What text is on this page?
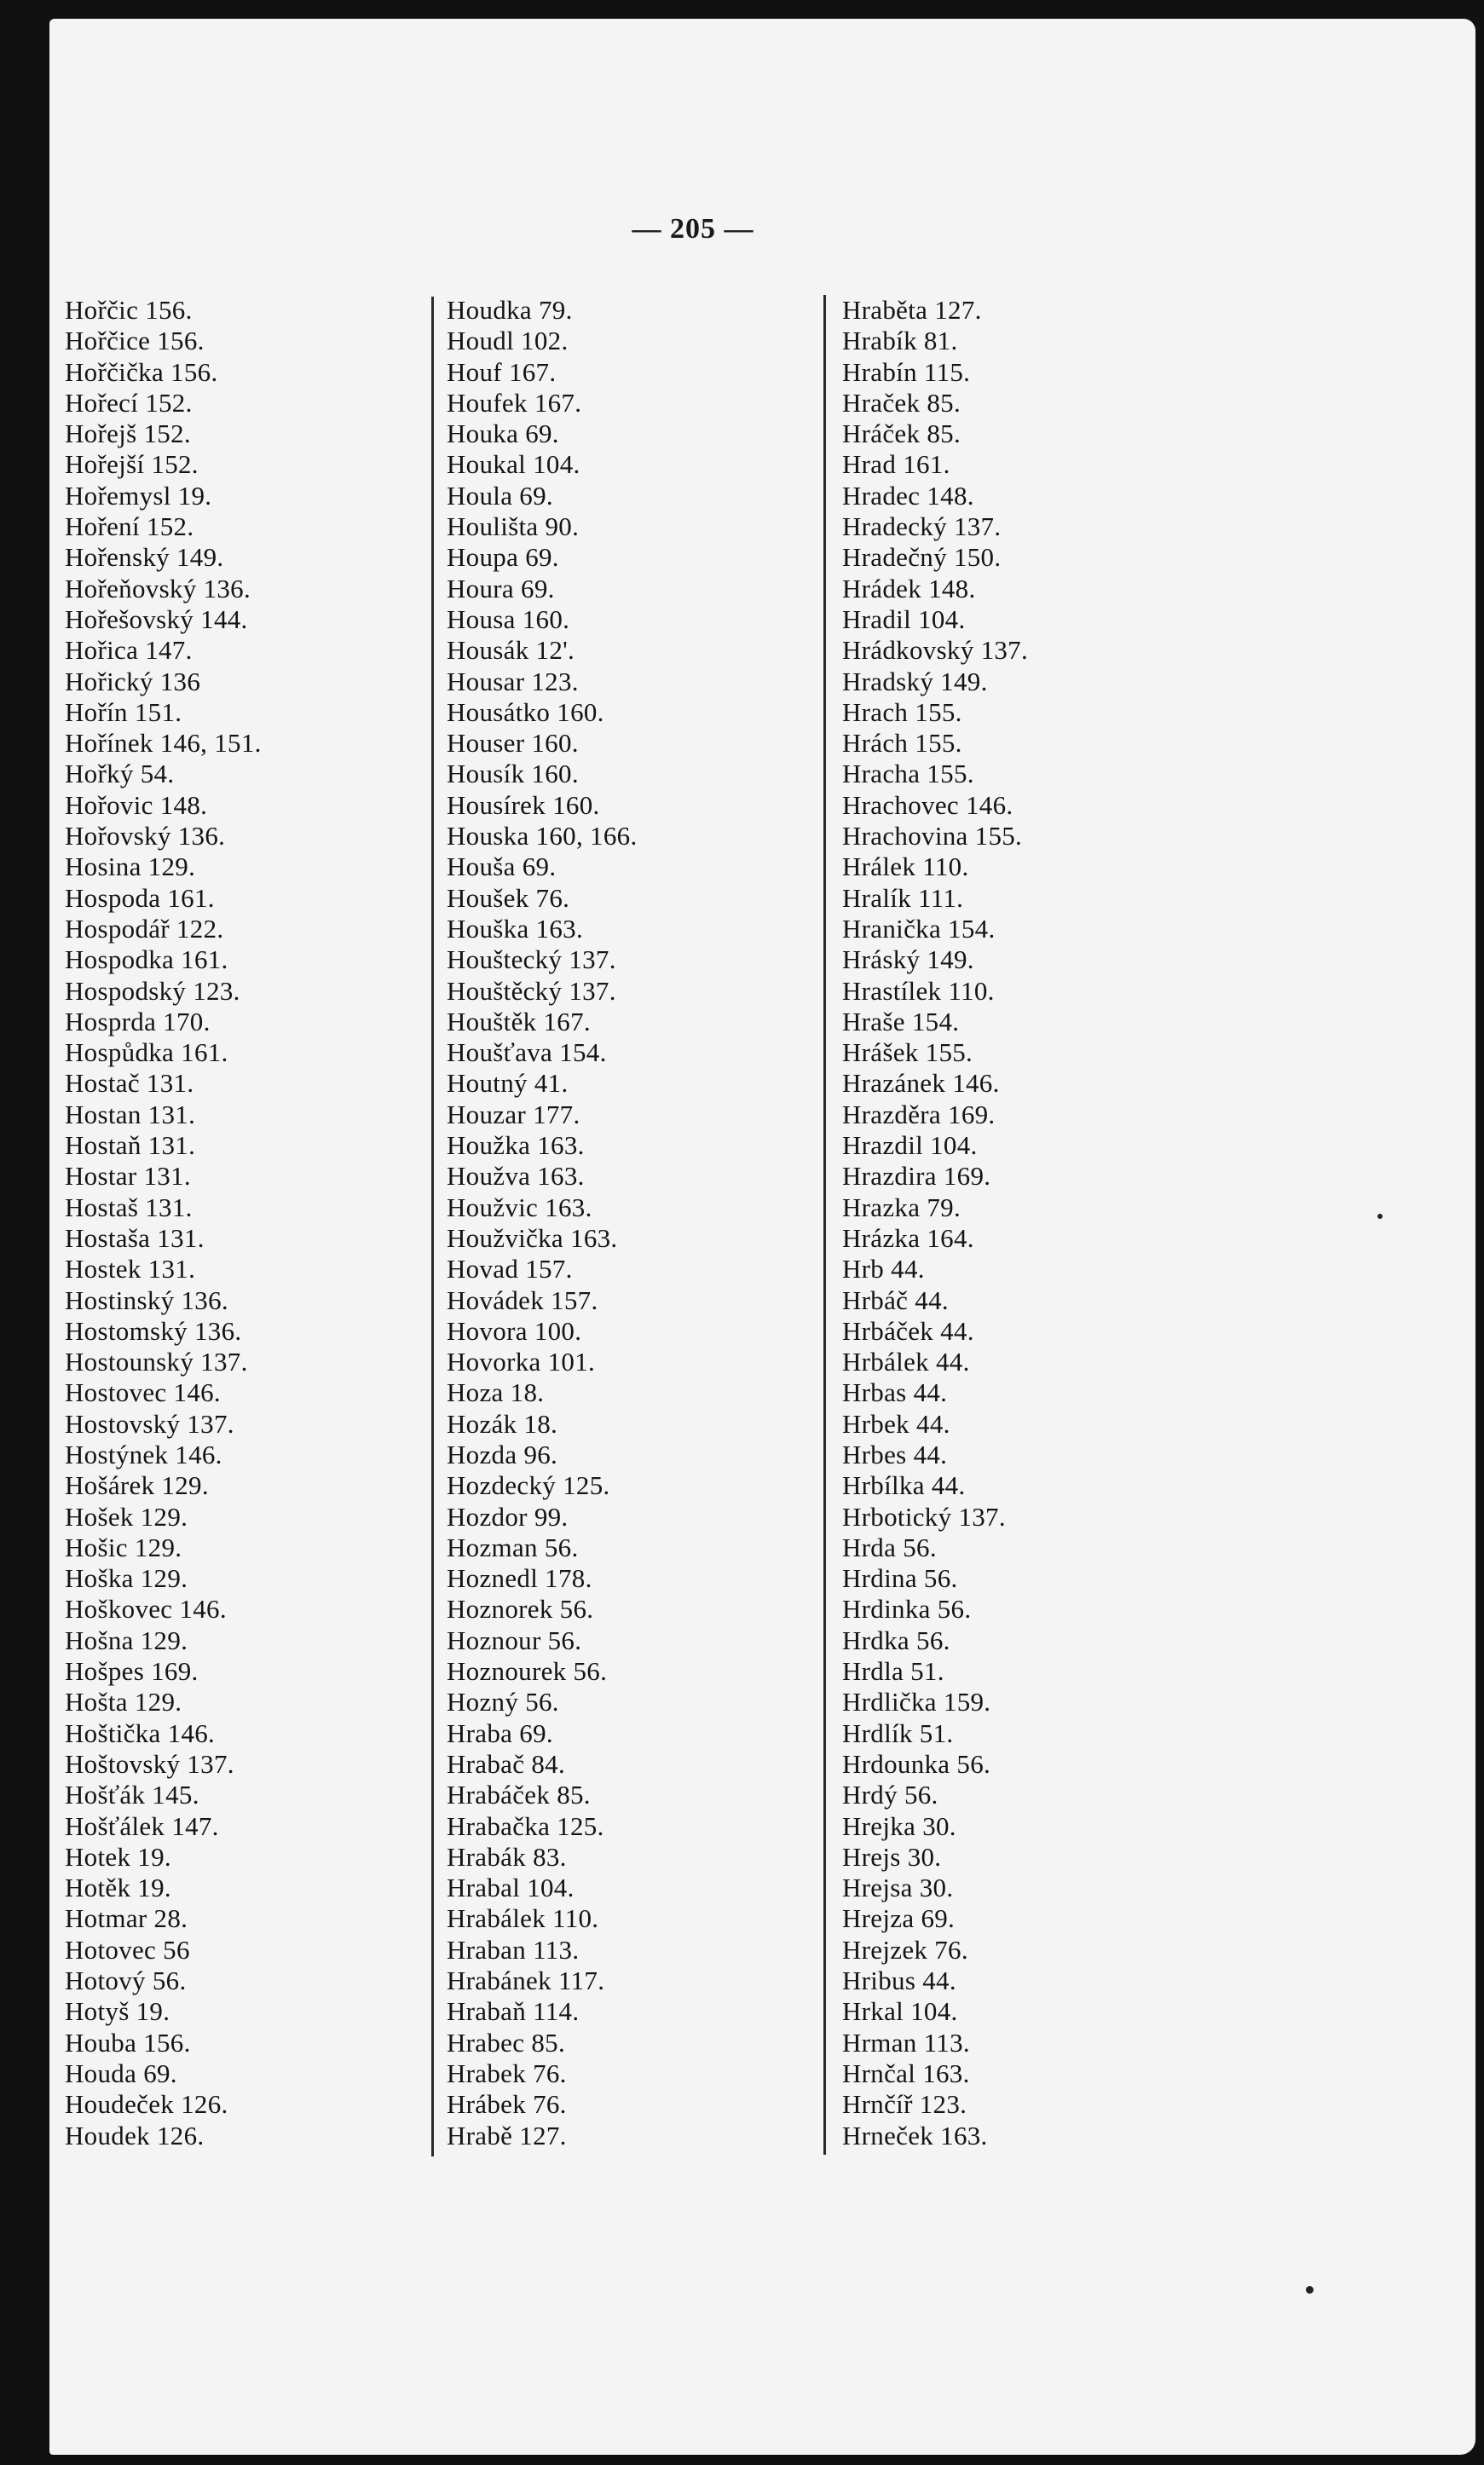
— 205 —
Hořčic 156.
Hořčice 156.
Hořčička 156.
Hořecí 152.
Hořejš 152.
Hořejší 152.
Hořemysl 19.
Hoření 152.
Hořenský 149.
Hořeňovský 136.
Hořešovský 144.
Hořica 147.
Hořický 136
Hořín 151.
Hořínek 146, 151.
Hořký 54.
Hořovic 148.
Hořovský 136.
Hosina 129.
Hospoda 161.
Hospodář 122.
Hospodka 161.
Hospodský 123.
Hosprda 170.
Hospůdka 161.
Hostač 131.
Hostan 131.
Hostaň 131.
Hostar 131.
Hostaš 131.
Hostaša 131.
Hostek 131.
Hostinský 136.
Hostomský 136.
Hostounský 137.
Hostovec 146.
Hostovský 137.
Hostýnek 146.
Hošárek 129.
Hošek 129.
Hošic 129.
Hoška 129.
Hoškovec 146.
Hošna 129.
Hošpes 169.
Hošta 129.
Hoštička 146.
Hoštovský 137.
Hošťák 145.
Hošťálek 147.
Hotek 19.
Hotěk 19.
Hotmar 28.
Hotovec 56
Hotový 56.
Hotyš 19.
Houba 156.
Houda 69.
Houdeček 126.
Houdek 126.
Houdka 79.
Houdl 102.
Houf 167.
Houfek 167.
Houka 69.
Houkal 104.
Houla 69.
Houlišta 90.
Houpa 69.
Houra 69.
Housa 160.
Housák 12'.
Housar 123.
Housátko 160.
Houser 160.
Housík 160.
Housírek 160.
Houska 160, 166.
Houša 69.
Houšek 76.
Houška 163.
Houštecký 137.
Houštěcký 137.
Houštěk 167.
Houšťava 154.
Houtný 41.
Houzar 177.
Houžka 163.
Houžva 163.
Houžvic 163.
Houžvička 163.
Hovad 157.
Hovádek 157.
Hovora 100.
Hovorka 101.
Hoza 18.
Hozák 18.
Hozda 96.
Hozdecký 125.
Hozdor 99.
Hozman 56.
Hoznedl 178.
Hoznorek 56.
Hoznour 56.
Hoznourek 56.
Hozný 56.
Hraba 69.
Hrabač 84.
Hrabáček 85.
Hrabačka 125.
Hrabák 83.
Hrabal 104.
Hrabálek 110.
Hraban 113.
Hrabánek 117.
Hrabaň 114.
Hrabec 85.
Hrabek 76.
Hrábek 76.
Hrabě 127.
Hraběta 127.
Hrabík 81.
Hrabín 115.
Hraček 85.
Hráček 85.
Hrad 161.
Hradec 148.
Hradecký 137.
Hradečný 150.
Hrádek 148.
Hradil 104.
Hrádkovský 137.
Hradský 149.
Hrach 155.
Hrách 155.
Hracha 155.
Hrachovec 146.
Hrachovina 155.
Hrálek 110.
Hralík 111.
Hranička 154.
Hráský 149.
Hrastílek 110.
Hraše 154.
Hrášek 155.
Hrazánek 146.
Hrazděra 169.
Hrazdil 104.
Hrazdira 169.
Hrazka 79.
Hrázka 164.
Hrb 44.
Hrbáč 44.
Hrbáček 44.
Hrbálek 44.
Hrbas 44.
Hrbek 44.
Hrbes 44.
Hrbílka 44.
Hrbotický 137.
Hrda 56.
Hrdina 56.
Hrdinka 56.
Hrdka 56.
Hrdla 51.
Hrdlička 159.
Hrdlík 51.
Hrdounka 56.
Hrdý 56.
Hrejka 30.
Hrejs 30.
Hrejsa 30.
Hrejza 69.
Hrejzek 76.
Hribus 44.
Hrkal 104.
Hrman 113.
Hrnčal 163.
Hrnčíř 123.
Hrneček 163.
